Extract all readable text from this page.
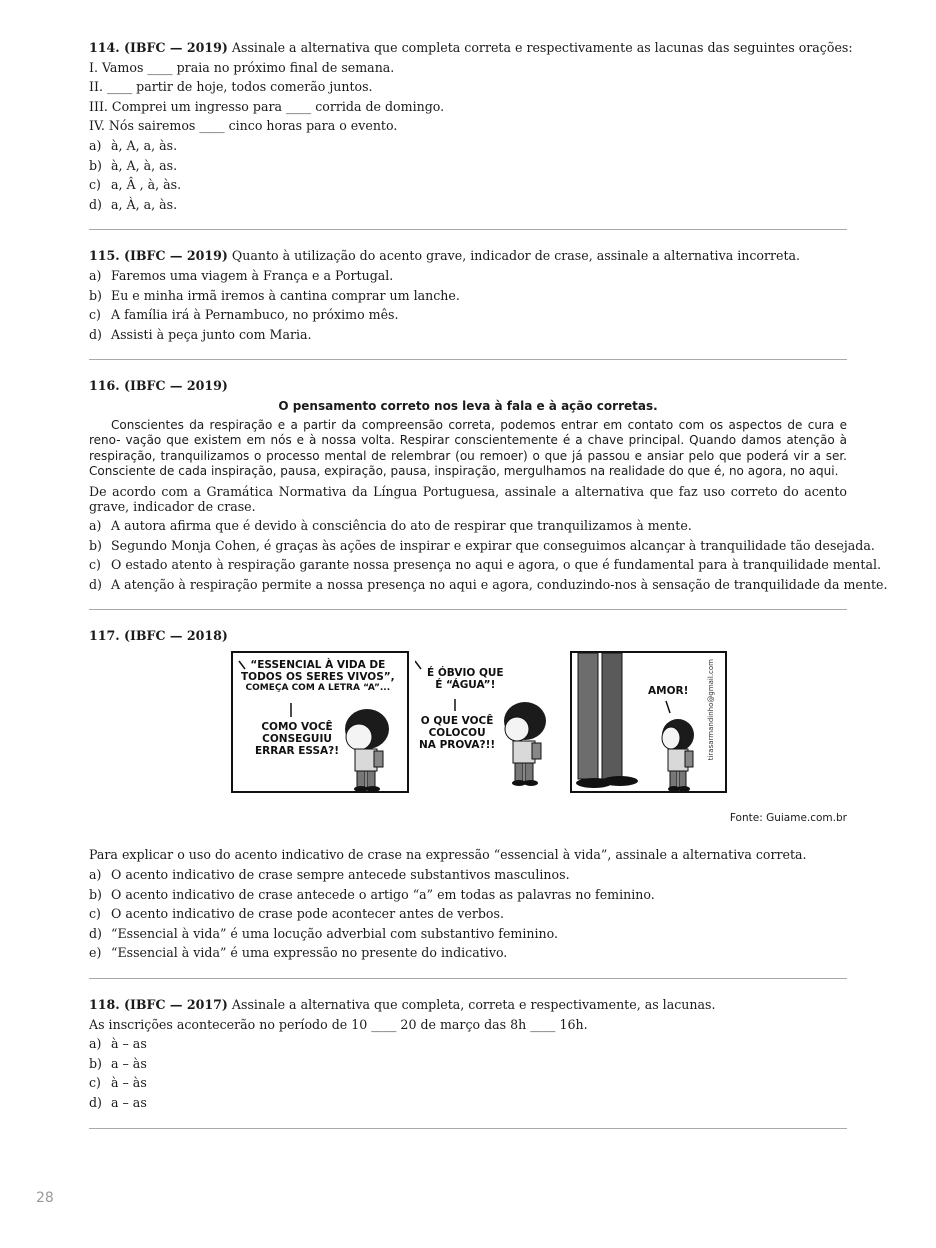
114. (IBFC — 2019) Assinale a alternativa que completa correta e respectivamente as lacunas das seguintes orações:

I. Vamos ____ praia no próximo final de semana.

II. ____ partir de hoje, todos comerão juntos.

III. Comprei um ingresso para ____ corrida de domingo.

IV. Nós sairemos ____ cinco horas para o evento.

a) à, A, a, às.
b) à, A, à, as.
c) a, Â , à, às.
d) a, À, a, às.

115. (IBFC — 2019) Quanto à utilização do acento grave, indicador de crase, assinale a alternativa incorreta.

a) Faremos uma viagem à França e a Portugal.
b) Eu e minha irmã iremos à cantina comprar um lanche.
c) A família irá à Pernambuco, no próximo mês.
d) Assisti à peça junto com Maria.

116. (IBFC — 2019)

O pensamento correto nos leva à fala e à ação corretas.

Conscientes da respiração e a partir da compreensão correta, podemos entrar em contato com os aspectos de cura e reno- vação que existem em nós e à nossa volta. Respirar conscientemente é a chave principal. Quando damos atenção à respiração, tranquilizamos o processo mental de relembrar (ou remoer) o que já passou e ansiar pelo que poderá vir a ser. Consciente de cada inspiração, pausa, expiração, pausa, inspiração, mergulhamos na realidade do que é, no agora, no aqui.

De acordo com a Gramática Normativa da Língua Portuguesa, assinale a alternativa que faz uso correto do acento grave, indicador de crase.

a) A autora afirma que é devido à consciência do ato de respirar que tranquilizamos à mente.
b) Segundo Monja Cohen, é graças às ações de inspirar e expirar que conseguimos alcançar à tranquilidade tão desejada.
c) O estado atento à respiração garante nossa presença no aqui e agora, o que é fundamental para à tranquilidade mental.
d) A atenção à respiração permite a nossa presença no aqui e agora, conduzindo-nos à sensação de tranquilidade da mente.

117. (IBFC — 2018)

“ESSENCIAL À VIDA DE
TODOS OS SERES VIVOS”,
COMEÇA COM A LETRA “A”...
COMO VOCÊ
CONSEGUIU
ERRAR ESSA?!
É ÓBVIO QUE
É “ÁGUA”!
O QUE VOCÊ
COLOCOU
NA PROVA?!!
AMOR!	tirasarmandinho@gmail.com
Fonte: Guiame.com.br

Para explicar o uso do acento indicativo de crase na expressão “essencial à vida”, assinale a alternativa correta.

a) O acento indicativo de crase sempre antecede substantivos masculinos.
b) O acento indicativo de crase antecede o artigo “a” em todas as palavras no feminino.
c) O acento indicativo de crase pode acontecer antes de verbos.
d) “Essencial à vida” é uma locução adverbial com substantivo feminino.
e) “Essencial à vida” é uma expressão no presente do indicativo.

118. (IBFC — 2017) Assinale a alternativa que completa, correta e respectivamente, as lacunas.

As inscrições acontecerão no período de 10 ____ 20 de março das 8h ____ 16h.

a) à – as
b) a – às
c) à – às
d) a – as
28
